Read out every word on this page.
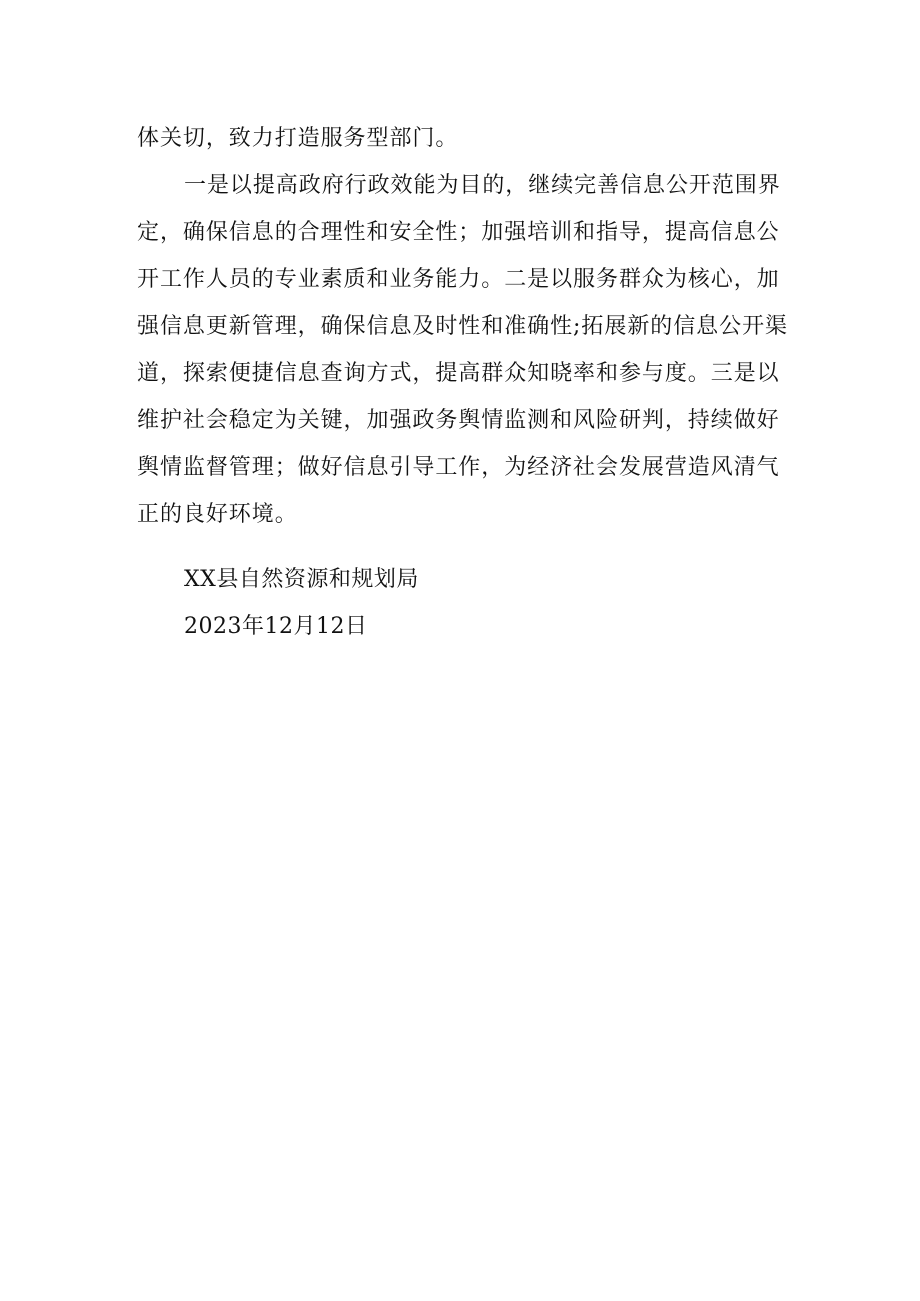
体关切，致力打造服务型部门。
一是以提高政府行政效能为目的，继续完善信息公开范围界
定，确保信息的合理性和安全性；加强培训和指导，提高信息公
开工作人员的专业素质和业务能力。二是以服务群众为核心，加
强信息更新管理，确保信息及时性和准确性;拓展新的信息公开渠
道，探索便捷信息查询方式，提高群众知晓率和参与度。三是以
维护社会稳定为关键，加强政务舆情监测和风险研判，持续做好
舆情监督管理；做好信息引导工作，为经济社会发展营造风清气
正的良好环境。
XX县自然资源和规划局
2023年12月12日
